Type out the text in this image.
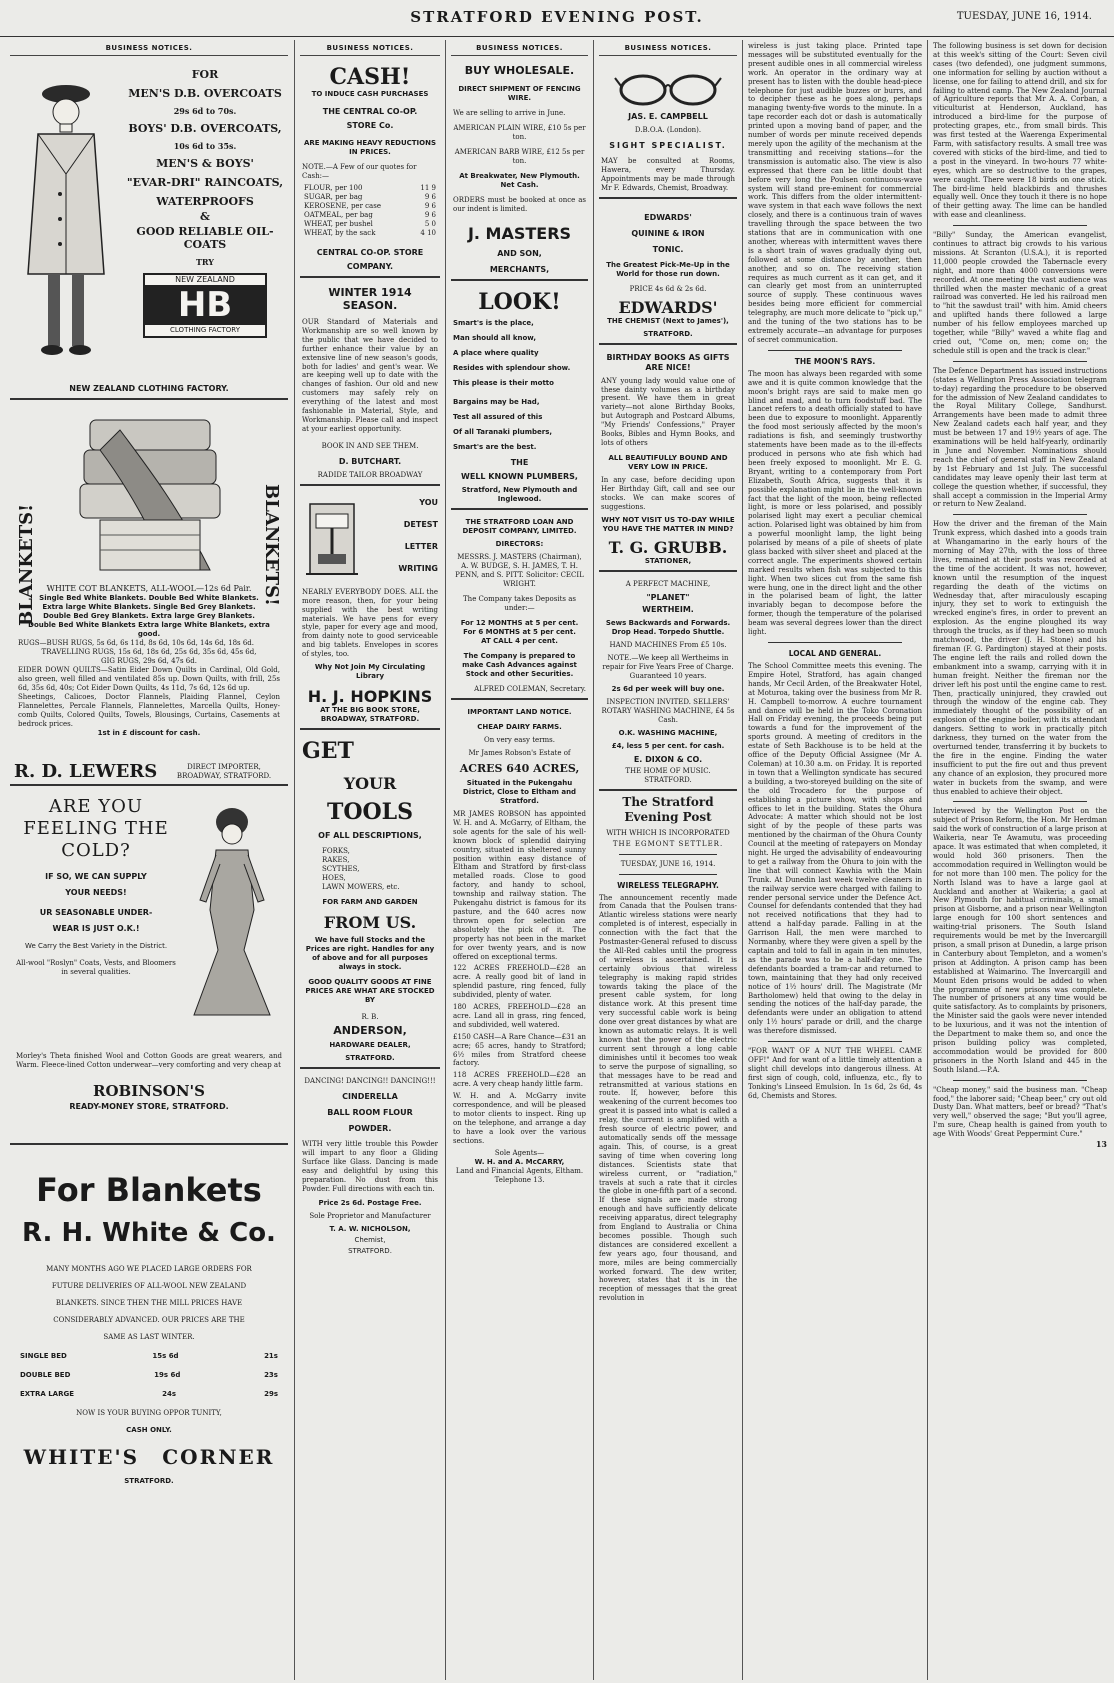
STRATFORD EVENING POST.	TUESDAY, JUNE 16, 1914.
BUSINESS NOTICES.
FOR
MEN'S D.B. OVERCOATS
29s 6d to 70s.
BOYS' D.B. OVERCOATS,
10s 6d to 35s.
MEN'S & BOYS'
"EVAR-DRI" RAINCOATS,
WATERPROOFS
&
GOOD RELIABLE OIL-COATS
TRY
NEW ZEALAND
HB
CLOTHING FACTORY
NEW ZEALAND CLOTHING FACTORY.
BLANKETS!	BLANKETS!
WHITE COT BLANKETS, ALL-WOOL—12s 6d Pair.
Single Bed White Blankets. Double Bed White Blankets.
Extra large White Blankets. Single Bed Grey Blankets.
Double Bed Grey Blankets. Extra large Grey Blankets.
Double Bed White Blankets Extra large White Blankets, extra good.
RUGS—BUSH RUGS, 5s 6d, 6s 11d, 8s 6d, 10s 6d, 14s 6d, 18s 6d.
TRAVELLING RUGS, 15s 6d, 18s 6d, 25s 6d, 35s 6d, 45s 6d,
GIG RUGS, 29s 6d, 47s 6d.
EIDER DOWN QUILTS—Satin Eider Down Quilts in Cardinal, Old Gold, also green, well filled and ventilated 85s up. Down Quilts, with frill, 25s 6d, 35s 6d, 40s; Cot Eider Down Quilts, 4s 11d, 7s 6d, 12s 6d up.
Sheetings, Calicoes, Doctor Flannels, Plaiding Flannel, Ceylon Flannelettes, Percale Flannels, Flannelettes, Marcella Quilts, Honey-comb Quilts, Colored Quilts, Towels, Blousings, Curtains, Casements at bedrock prices.
1st in £ discount for cash.
R. D. LEWERS	DIRECT IMPORTER, BROADWAY, STRATFORD.
ARE YOU
FEELING THE
COLD?
IF SO, WE CAN SUPPLY
YOUR NEEDS!
UR SEASONABLE UNDER-
WEAR IS JUST O.K.!
We Carry the Best Variety in the District.
All-wool "Roslyn" Coats, Vests, and Bloomers in several qualities.
Morley's Theta finished Wool and Cotton Goods are great wearers, and Warm. Fleece-lined Cotton underwear—very comforting and very cheap at
ROBINSON'S
READY-MONEY STORE, STRATFORD.
For Blankets
R. H. White & Co.
MANY MONTHS AGO WE PLACED LARGE ORDERS FOR
FUTURE DELIVERIES OF ALL-WOOL NEW ZEALAND
BLANKETS. SINCE THEN THE MILL PRICES HAVE
CONSIDERABLY ADVANCED. OUR PRICES ARE THE
SAME AS LAST WINTER.
SINGLE BED	15s 6d	21s
DOUBLE BED	19s 6d	23s
EXTRA LARGE	24s	29s
NOW IS YOUR BUYING OPPOR TUNITY,
CASH ONLY.
WHITE'S CORNER
STRATFORD.
BUSINESS NOTICES.
CASH!
TO INDUCE CASH PURCHASES
THE CENTRAL CO-OP.
STORE Co.
ARE MAKING HEAVY REDUCTIONS IN PRICES.
NOTE.—A Few of our quotes for Cash:—
FLOUR, per 100	11 9
SUGAR, per bag	9 6
KEROSENE, per case	9 6
OATMEAL, per bag	9 6
WHEAT, per bushel	5 0
WHEAT, by the sack	4 10
CENTRAL CO-OP. STORE
COMPANY.
WINTER 1914 SEASON.
OUR Standard of Materials and Workmanship are so well known by the public that we have decided to further enhance their value by an extensive line of new season's goods, both for ladies' and gent's wear. We are keeping well up to date with the changes of fashion. Our old and new customers may safely rely on everything of the latest and most fashionable in Material, Style, and Workmanship. Please call and inspect at your earliest opportunity.
BOOK IN AND SEE THEM.
D. BUTCHART.
RADIDE TAILOR BROADWAY
YOU
DETEST
LETTER
WRITING
NEARLY EVERYBODY DOES. ALL the more reason, then, for your being supplied with the best writing materials. We have pens for every style, paper for every age and mood, from dainty note to good serviceable and big tablets. Envelopes in scores of styles, too.
Why Not Join My Circulating Library
H. J. HOPKINS
AT THE BIG BOOK STORE, BROADWAY, STRATFORD.
GET
YOUR
TOOLS
OF ALL DESCRIPTIONS,
FORKS,
RAKES,
SCYTHES,
HOES,
LAWN MOWERS, etc.
FOR FARM AND GARDEN
FROM US.
We have full Stocks and the Prices are right. Handles for any of above and for all purposes always in stock.
GOOD QUALITY GOODS AT FINE PRICES ARE WHAT ARE STOCKED BY
R. B.
ANDERSON,
HARDWARE DEALER,
STRATFORD.
DANCING! DANCING!! DANCING!!!
CINDERELLA
BALL ROOM FLOUR
POWDER.
WITH very little trouble this Powder will impart to any floor a Gliding Surface like Glass. Dancing is made easy and delightful by using this preparation. No dust from this Powder. Full directions with each tin.
Price 2s 6d. Postage Free.
Sole Proprietor and Manufacturer
T. A. W. NICHOLSON,
Chemist,
STRATFORD.
BUSINESS NOTICES.
BUY WHOLESALE.
DIRECT SHIPMENT OF FENCING WIRE.
We are selling to arrive in June.
AMERICAN PLAIN WIRE, £10 5s per ton.
AMERICAN BARB WIRE, £12 5s per ton.
At Breakwater, New Plymouth. Net Cash.
ORDERS must be booked at once as our indent is limited.
J. MASTERS
AND SON,
MERCHANTS,
LOOK!
Smart's is the place,
Man should all know,
A place where quality
Resides with splendour show.
This please is their motto
Bargains may be Had,
Test all assured of this
Of all Taranaki plumbers,
Smart's are the best.
THE
WELL KNOWN PLUMBERS,
Stratford, New Plymouth and Inglewood.
THE STRATFORD LOAN AND DEPOSIT COMPANY, LIMITED.
DIRECTORS:
MESSRS. J. MASTERS (Chairman), A. W. BUDGE, S. H. JAMES, T. H. PENN, and S. PITT. Solicitor: CECIL WRIGHT.
The Company takes Deposits as under:—
For 12 MONTHS at 5 per cent.
For 6 MONTHS at 5 per cent.
AT CALL 4 per cent.
The Company is prepared to make Cash Advances against Stock and other Securities.
ALFRED COLEMAN, Secretary.
IMPORTANT LAND NOTICE.
CHEAP DAIRY FARMS.
On very easy terms.
Mr James Robson's Estate of
ACRES 640 ACRES,
Situated in the Pukengahu District, Close to Eltham and Stratford.
MR JAMES ROBSON has appointed W. H. and A. McGarry, of Eltham, the sole agents for the sale of his well-known block of splendid dairying country, situated in sheltered sunny position within easy distance of Eltham and Stratford by first-class metalled roads. Close to good factory, and handy to school, township and railway station. The Pukengahu district is famous for its pasture, and the 640 acres now thrown open for selection are absolutely the pick of it. The property has not been in the market for over twenty years, and is now offered on exceptional terms.
122 ACRES FREEHOLD—£28 an acre. A really good bit of land in splendid pasture, ring fenced, fully subdivided, plenty of water.
180 ACRES, FREEHOLD—£28 an acre. Land all in grass, ring fenced, and subdivided, well watered.
£150 CASH—A Rare Chance—£31 an acre; 65 acres, handy to Stratford; 6½ miles from Stratford cheese factory.
118 ACRES FREEHOLD—£28 an acre. A very cheap handy little farm.
W. H. and A. McGarry invite correspondence, and will be pleased to motor clients to inspect. Ring up on the telephone, and arrange a day to have a look over the various sections.
Sole Agents—
W. H. and A. McCARRY,
Land and Financial Agents, Eltham. Telephone 13.
BUSINESS NOTICES.
JAS. E. CAMPBELL
D.B.O.A. (London).
SIGHT SPECIALIST.
MAY be consulted at Rooms, Hawera, every Thursday. Appointments may be made through Mr F. Edwards, Chemist, Broadway.
EDWARDS'
QUININE & IRON
TONIC.
The Greatest Pick-Me-Up in the World for those run down.
PRICE 4s 6d & 2s 6d.
EDWARDS'
THE CHEMIST (Next to James'),
STRATFORD.
BIRTHDAY BOOKS AS GIFTS ARE NICE!
ANY young lady would value one of these dainty volumes as a birthday present. We have them in great variety—not alone Birthday Books, but Autograph and Postcard Albums, "My Friends' Confessions," Prayer Books, Bibles and Hymn Books, and lots of others
ALL BEAUTIFULLY BOUND AND VERY LOW IN PRICE.
In any case, before deciding upon Her Birthday Gift, call and see our stocks. We can make scores of suggestions.
WHY NOT VISIT US TO-DAY WHILE YOU HAVE THE MATTER IN MIND?
T. G. GRUBB.
STATIONER,
A PERFECT MACHINE,
"PLANET"
WERTHEIM.
Sews Backwards and Forwards. Drop Head. Torpedo Shuttle.
HAND MACHINES From £5 10s.
NOTE.—We keep all Wertheims in repair for Five Years Free of Charge. Guaranteed 10 years.
2s 6d per week will buy one.
INSPECTION INVITED. SELLERS' ROTARY WASHING MACHINE, £4 5s Cash.
O.K. WASHING MACHINE,
£4, less 5 per cent. for cash.
E. DIXON & CO.
THE HOME OF MUSIC.
STRATFORD.
The Stratford Evening Post
WITH WHICH IS INCORPORATED
THE EGMONT SETTLER.
TUESDAY, JUNE 16, 1914.
WIRELESS TELEGRAPHY.
The announcement recently made from Canada that the Poulsen trans-Atlantic wireless stations were nearly completed is of interest, especially in connection with the fact that the Postmaster-General refused to discuss the All-Red cables until the progress of wireless is ascertained. It is certainly obvious that wireless telegraphy is making rapid strides towards taking the place of the present cable system, for long distance work. At this present time very successful cable work is being done over great distances by what are known as automatic relays. It is well known that the power of the electric current sent through a long cable diminishes until it becomes too weak to serve the purpose of signalling, so that messages have to be read and retransmitted at various stations en route. If, however, before this weakening of the current becomes too great it is passed into what is called a relay, the current is amplified with a fresh source of electric power, and automatically sends off the message again. This, of course, is a great saving of time when covering long distances. Scientists state that wireless current, or "radiation," travels at such a rate that it circles the globe in one-fifth part of a second. If these signals are made strong enough and have sufficiently delicate receiving apparatus, direct telegraphy from England to Australia or China becomes possible. Though such distances are considered excellent a few years ago, four thousand, and more, miles are being commercially worked forward. The dew writer, however, states that it is in the reception of messages that the great revolution in
wireless is just taking place. Printed tape messages will be substituted eventually for the present audible ones in all commercial wireless work. An operator in the ordinary way at present has to listen with the double head-piece telephone for just audible buzzes or burrs, and to decipher these as he goes along, perhaps managing twenty-five words to the minute. In a tape recorder each dot or dash is automatically printed upon a moving band of paper, and the number of words per minute received depends merely upon the agility of the mechanism at the transmitting and receiving stations—for the transmission is automatic also. The view is also expressed that there can be little doubt that before very long the Poulsen continuous-wave system will stand pre-eminent for commercial work. This differs from the older intermittent-wave system in that each wave follows the next closely, and there is a continuous train of waves travelling through the space between the two stations that are in communication with one another, whereas with intermittent waves there is a short train of waves gradually dying out, followed at some distance by another, then another, and so on. The receiving station requires as much current as it can get, and it can clearly get most from an uninterrupted source of supply. These continuous waves besides being more efficient for commercial telegraphy, are much more delicate to "pick up," and the tuning of the two stations has to be extremely accurate—an advantage for purposes of secret communication.
THE MOON'S RAYS.
The moon has always been regarded with some awe and it is quite common knowledge that the moon's bright rays are said to make men go blind and mad, and to turn foodstuff bad. The Lancet refers to a death officially stated to have been due to exposure to moonlight. Apparently the food most seriously affected by the moon's radiations is fish, and seemingly trustworthy statements have been made as to the ill-effects produced in persons who ate fish which had been freely exposed to moonlight. Mr E. G. Bryant, writing to a contemporary from Port Elizabeth, South Africa, suggests that it is possible explanation might lie in the well-known fact that the light of the moon, being reflected light, is more or less polarised, and possibly polarised light may exert a peculiar chemical action. Polarised light was obtained by him from a powerful moonlight lamp, the light being polarised by means of a pile of sheets of plate glass backed with silver sheet and placed at the correct angle. The experiments showed certain marked results when fish was subjected to this light. When two slices cut from the same fish were hung, one in the direct light and the other in the polarised beam of light, the latter invariably began to decompose before the former, though the temperature of the polarised beam was several degrees lower than the direct light.
LOCAL AND GENERAL.
The School Committee meets this evening. The Empire Hotel, Stratford, has again changed hands, Mr Cecil Arden, of the Breakwater Hotel, at Moturoa, taking over the business from Mr R. H. Campbell to-morrow. A euchre tournament and dance will be held in the Toko Coronation Hall on Friday evening, the proceeds being put towards a fund for the improvement of the sports ground. A meeting of creditors in the estate of Seth Backhouse is to be held at the office of the Deputy Official Assignee (Mr A. Coleman) at 10.30 a.m. on Friday. It is reported in town that a Wellington syndicate has secured a building, a two-storeyed building on the site of the old Trocadero for the purpose of establishing a picture show, with shops and offices to let in the building. States the Ohura Advocate: A matter which should not be lost sight of by the people of these parts was mentioned by the chairman of the Ohura County Council at the meeting of ratepayers on Monday night. He urged the advisability of endeavouring to get a railway from the Ohura to join with the line that will connect Kawhia with the Main Trunk. At Dunedin last week twelve cleaners in the railway service were charged with failing to render personal service under the Defence Act. Counsel for defendants contended that they had not received notifications that they had to attend a half-day parade. Falling in at the Garrison Hall, the men were marched to Normanby, where they were given a spell by the captain and told to fall in again in ten minutes, as the parade was to be a half-day one. The defendants boarded a tram-car and returned to town, maintaining that they had only received notice of 1½ hours' drill. The Magistrate (Mr Bartholomew) held that owing to the delay in sending the notices of the half-day parade, the defendants were under an obligation to attend only 1½ hours' parade or drill, and the charge was therefore dismissed.
"FOR WANT OF A NUT THE WHEEL CAME OFF!" And for want of a little timely attention a slight chill develops into dangerous illness. At first sign of cough, cold, influenza, etc., fly to Tonking's Linseed Emulsion. In 1s 6d, 2s 6d, 4s 6d, Chemists and Stores.
The following business is set down for decision at this week's sitting of the Court: Seven civil cases (two defended), one judgment summons, one information for selling by auction without a license, one for failing to attend drill, and six for failing to attend camp. The New Zealand Journal of Agriculture reports that Mr A. A. Corban, a viticulturist at Henderson, Auckland, has introduced a bird-lime for the purpose of protecting grapes, etc., from small birds. This was first tested at the Waerenga Experimental Farm, with satisfactory results. A small tree was covered with sticks of the bird-lime, and tied to a post in the vineyard. In two-hours 77 white-eyes, which are so destructive to the grapes, were caught. There were 18 birds on one stick. The bird-lime held blackbirds and thrushes equally well. Once they touch it there is no hope of their getting away. The lime can be handled with ease and cleanliness.
"Billy" Sunday, the American evangelist, continues to attract big crowds to his various missions. At Scranton (U.S.A.), it is reported 11,000 people crowded the Tabernacle every night, and more than 4000 conversions were recorded. At one meeting the vast audience was thrilled when the master mechanic of a great railroad was converted. He led his railroad men to "hit the sawdust trail" with him. Amid cheers and uplifted hands there followed a large number of his fellow employees marched up together, while "Billy" waved a white flag and cried out, "Come on, men; come on; the schedule still is open and the track is clear."
The Defence Department has issued instructions (states a Wellington Press Association telegram to-day) regarding the procedure to be observed for the admission of New Zealand candidates to the Royal Military College, Sandhurst. Arrangements have been made to admit three New Zealand cadets each half year, and they must be between 17 and 19½ years of age. The examinations will be held half-yearly, ordinarily in June and November. Nominations should reach the chief of general staff in New Zealand by 1st February and 1st July. The successful candidates may leave openly their last term at college the question whether, if successful, they shall accept a commission in the Imperial Army or return to New Zealand.
How the driver and the fireman of the Main Trunk express, which dashed into a goods train at Whangamarino in the early hours of the morning of May 27th, with the loss of three lives, remained at their posts was recorded at the time of the accident. It was not, however, known until the resumption of the inquest regarding the death of the victims on Wednesday that, after miraculously escaping injury, they set to work to extinguish the wrecked engine's fires, in order to prevent an explosion. As the engine ploughed its way through the trucks, as if they had been so much matchwood, the driver (J. H. Stone) and his fireman (F. G. Pardington) stayed at their posts. The engine left the rails and rolled down the embankment into a swamp, carrying with it in human freight. Neither the fireman nor the driver left his post until the engine came to rest. Then, practically uninjured, they crawled out through the window of the engine cab. They immediately thought of the possibility of an explosion of the engine boiler, with its attendant dangers. Setting to work in practically pitch darkness, they turned on the water from the overturned tender, transferring it by buckets to the fire in the engine. Finding the water insufficient to put the fire out and thus prevent any chance of an explosion, they procured more water in buckets from the swamp, and were thus enabled to achieve their object.
Interviewed by the Wellington Post on the subject of Prison Reform, the Hon. Mr Herdman said the work of construction of a large prison at Waikeria, near Te Awamutu, was proceeding apace. It was estimated that when completed, it would hold 360 prisoners. Then the accommodation required in Wellington would be for not more than 100 men. The policy for the North Island was to have a large gaol at Auckland and another at Waikeria; a gaol at New Plymouth for habitual criminals, a small prison at Gisborne, and a prison near Wellington large enough for 100 short sentences and waiting-trial prisoners. The South Island requirements would be met by the Invercargill prison, a small prison at Dunedin, a large prison in Canterbury about Templeton, and a women's prison at Addington. A prison camp has been established at Waimarino. The Invercargill and Mount Eden prisons would be added to when the programme of new prisons was complete. The number of prisoners at any time would be quite satisfactory. As to complaints by prisoners, the Minister said the gaols were never intended to be luxurious, and it was not the intention of the Department to make them so, and once the prison building policy was completed, accommodation would be provided for 800 prisoners in the North Island and 445 in the South Island.—P.A.
"Cheap money," said the business man. "Cheap food," the laborer said; "Cheap beer," cry out old Dusty Dan. What matters, beef or bread? "That's very well," observed the sage; "But you'll agree, I'm sure, Cheap health is gained from youth to age With Woods' Great Peppermint Cure."
13
